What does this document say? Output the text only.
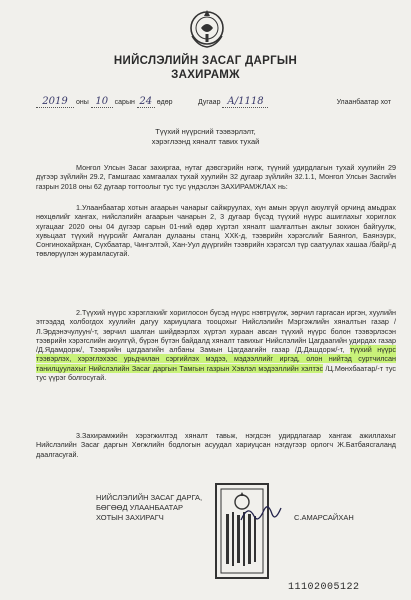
НИЙСЛЭЛИЙН ЗАСАГ ДАРГЫН
ЗАХИРАМЖ
2019 оны 10 сарын 24 өдөр	Дугаар А/1118	Улаанбаатар хот
Түүхий нүүрсний тээвэрлэлт,
хэрэглээнд хяналт тавих тухай

Монгол Улсын Засаг захиргаа, нутаг дэвсгэрийн нэгж, түүний удирдлагын тухай хуулийн 29 дүгээр зүйлийн 29.2, Гамшгаас хамгаалах тухай хуулийн 32 дугаар зүйлийн 32.1.1, Монгол Улсын Засгийн газрын 2018 оны 62 дугаар тогтоолыг тус тус үндэслэн ЗАХИРАМЖЛАХ нь:

1.Улаанбаатар хотын агаарын чанарыг сайжруулах, хүн амын эрүүл аюулгүй орчинд амьдрах нөхцөлийг хангах, нийслэлийн агаарын чанарын 2, 3 дугаар бүсэд түүхий нүүрс ашиглахыг хориглох хугацааг 2020 оны 04 дүгээр сарын 01-ний өдөр хүртэл хяналт шалгалтын ажлыг зохион байгуулж, хувьцаат түүхий нүүрсийг Амгалан дулааны станц ХХК-д, тээврийн хэрэгслийг Баянгол, Баянзүрх, Сонгинохайрхан, Сүхбаатар, Чингэлтэй, Хан-Уул дүүргийн тээврийн хэрэгсэл түр саатуулах хашаа /байр/-д төвлөрүүлэн журамласугай.

2.Түүхий нүүрс хэрэглэхийг хориглосон бүсэд нүүрс нэвтрүүлж, зөрчил гаргасан иргэн, хуулийн этгээдэд холбогдох хуулийн дагуу хариуцлага тооцохыг Нийслэлийн Мэргэжлийн хяналтын газар /Л.Эрдэнэчулуун/-т, зөрчил шалган шийдвэрлэх хүртэл хураан авсан түүхий нүүрс болон тээвэрлэсэн тээврийн хэрэгслийн аюулгүй, бүрэн бүтэн байдалд хяналт тавихыг Нийслэлийн Цагдаагийн удирдах газар /Д.Ядамдорж/, Тээврийн цагдаагийн албаны Замын Цагдаагийн газар /Д.Дашдорж/-т, түүхий нүүрс тээвэрлэх, хэрэглэхээс урьдчилан сэргийлэх мэдээ, мэдээллийг иргэд, олон нийтэд суртчилсан танилцуулахыг Нийслэлийн Засаг даргын Тамгын газрын Хэвлэл мэдээллийн хэлтэс /Ц.Мөнхбаатар/-т тус тус үүрэг болгосугай.

3.Захирамжийн хэрэгжилтэд хяналт тавьж, нэгдсэн удирдлагаар хангаж ажиллахыг Нийслэлийн Засаг даргын Хөгжлийн бодлогын асуудал хариуцсан нэгдүгээр орлогч Ж.Батбаясгаланд даалгасугай.

НИЙСЛЭЛИЙН ЗАСАГ ДАРГА,
БӨГӨӨД УЛААНБААТАР
ХОТЫН ЗАХИРАГЧ	С.АМАРСАЙХАН
11102005122
